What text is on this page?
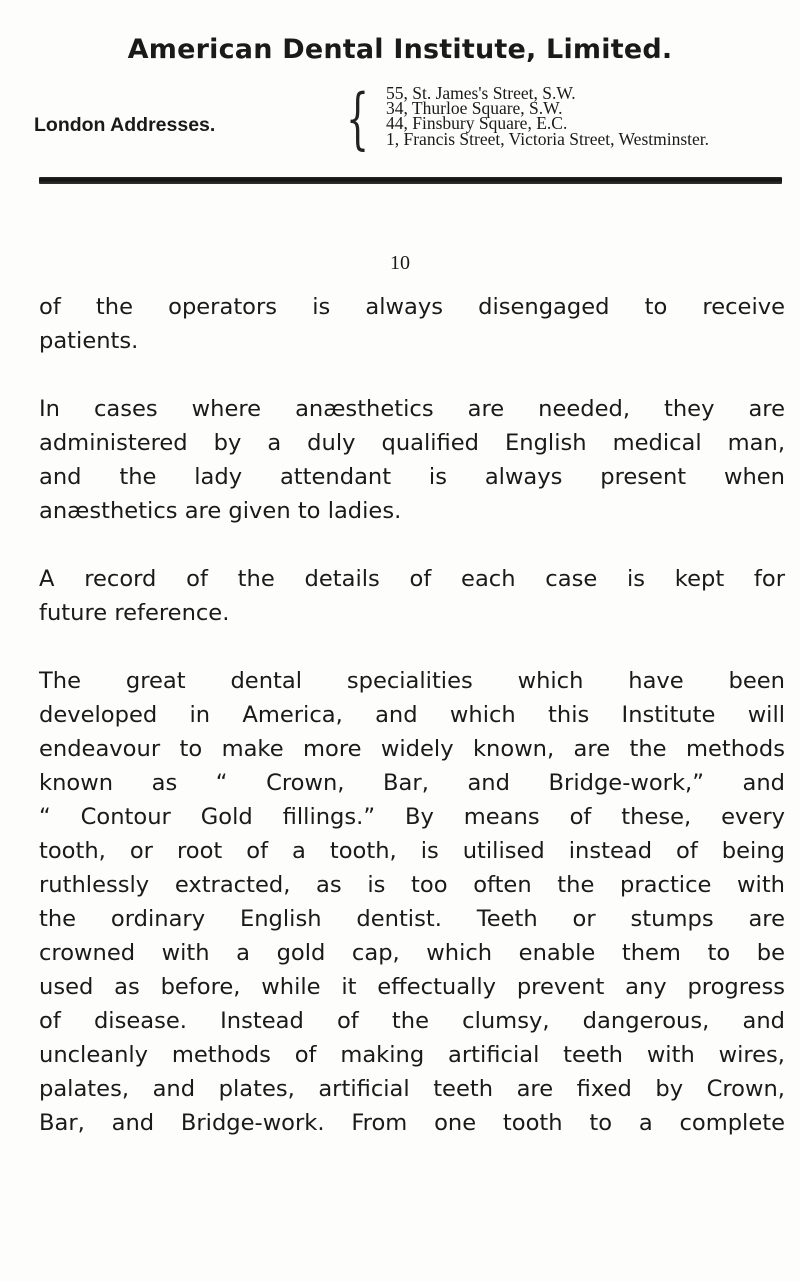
American Dental Institute, Limited.
London Addresses. { 55, St. James's Street, S.W.
34, Thurloe Square, S.W.
44, Finsbury Square, E.C.
1, Francis Street, Victoria Street, Westminster.
10

of the operators is always disengaged to receive
patients.

In cases where anæsthetics are needed, they are
administered by a duly qualified English medical man,
and the lady attendant is always present when
anæsthetics are given to ladies.

A record of the details of each case is kept for
future reference.

The great dental specialities which have been
developed in America, and which this Institute will
endeavour to make more widely known, are the methods
known as “ Crown, Bar, and Bridge-work,” and
“ Contour Gold fillings.” By means of these, every
tooth, or root of a tooth, is utilised instead of being
ruthlessly extracted, as is too often the practice with
the ordinary English dentist. Teeth or stumps are
crowned with a gold cap, which enable them to be
used as before, while it effectually prevent any progress
of disease. Instead of the clumsy, dangerous, and
uncleanly methods of making artificial teeth with wires,
palates, and plates, artificial teeth are fixed by Crown,
Bar, and Bridge-work. From one tooth to a complete
